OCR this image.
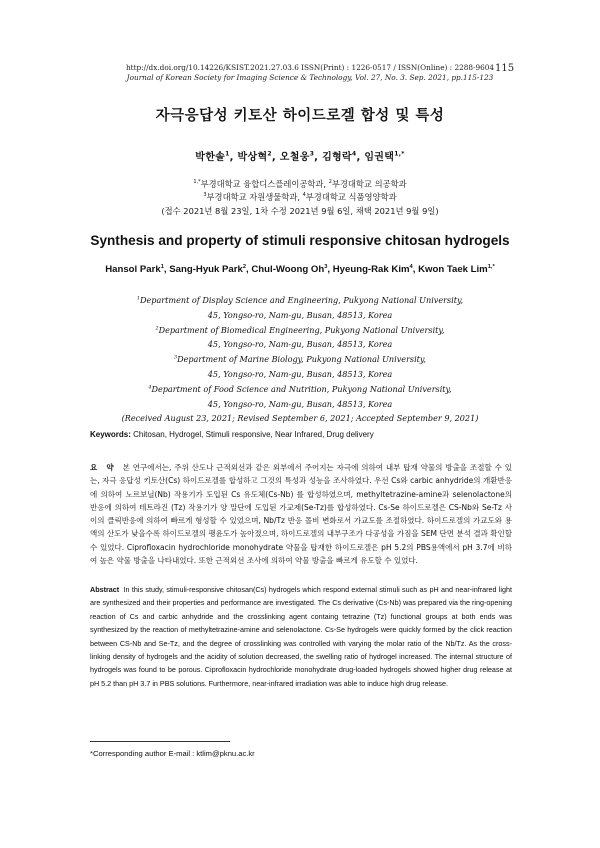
http://dx.doi.org/10.14226/KSIST.2021.27.03.6 ISSN(Print) : 1226-0517 / ISSN(Online) : 2288-9604
Journal of Korean Society for Imaging Science & Technology, Vol. 27, No. 3. Sep. 2021, pp.115-123
115
자극응답성 키토산 하이드로겔 합성 및 특성
박한솔$^1$, 박상혁$^2$, 오철웅$^3$, 김형락$^4$, 임권택$^{1,*}$
$^{1,*}$부경대학교 융합디스플레이공학과, $^2$부경대학교 의공학과
$^3$부경대학교 자원생물학과, $^4$부경대학교 식품영양학과
(접수 2021년 8월 23일, 1차 수정 2021년 9월 6일, 채택 2021년 9월 9일)
Synthesis and property of stimuli responsive chitosan hydrogels
Hansol Park$^1$, Sang-Hyuk Park$^2$, Chul-Woong Oh$^3$, Hyeung-Rak Kim$^4$, Kwon Taek Lim$^{1,*}$
$^1$Department of Display Science and Engineering, Pukyong National University,
45, Yongso-ro, Nam-gu, Busan, 48513, Korea
$^2$Department of Biomedical Engineering, Pukyong National University,
45, Yongso-ro, Nam-gu, Busan, 48513, Korea
$^3$Department of Marine Biology, Pukyong National University,
45, Yongso-ro, Nam-gu, Busan, 48513, Korea
$^4$Department of Food Science and Nutrition, Pukyong National University,
45, Yongso-ro, Nam-gu, Busan, 48513, Korea
(Received August 23, 2021; Revised September 6, 2021; Accepted September 9, 2021)
Keywords: Chitosan, Hydrogel, Stimuli responsive, Near Infrared, Drug delivery
요 약 본 연구에서는, 주위 산도나 근적외선과 같은 외부에서 주어지는 자극에 의하여 내부 탑재 약물의 방출을 조절할 수 있는, 자극 응답성 키토산(Cs) 하이드로겔를 합성하고 그것의 특성과 성능을 조사하였다. 우선 Cs와 carbic anhydride의 개환반응에 의하여 노르보닐(Nb) 작용기가 도입된 Cs 유도체(Cs-Nb) 를 합성하였으며, methyltetrazine-amine과 selenolactone의 반응에 의하여 테트라진 (Tz) 작용기가 양 말단에 도입된 가교제(Se-Tz)를 합성하였다. Cs-Se 하이드로겔은 CS-Nb와 Se-Tz 사이의 클릭반응에 의하여 빠르게 형성할 수 있었으며, Nb/Tz 반응 몰비 변화로서 가교도를 조절하였다. 하이드로겔의 가교도와 용액의 산도가 낮을수록 하이드로겔의 팽윤도가 높아졌으며, 하이드로겔의 내부구조가 다공성을 가짐을 SEM 단면 분석 결과 확인할 수 있었다. Ciprofloxacin hydrochloride monohydrate 약물을 탑재한 하이드로겔은 pH 5.2의 PBS용액에서 pH 3.7에 비하여 높은 약물 방출을 나타내었다. 또한 근적외선 조사에 의하여 약물 방출을 빠르게 유도할 수 있었다.
Abstract In this study, stimuli-responsive chitosan(Cs) hydrogels which respond external stimuli such as pH and near-infrared light are synthesized and their properties and performance are investigated. The Cs derivative (Cs-Nb) was prepared via the ring-opening reaction of Cs and carbic anhydride and the crosslinking agent containg tetrazine (Tz) functional groups at both ends was synthesized by the reaction of methyltetrazine-amine and selenolactone. Cs-Se hydrogels were quickly formed by the click reaction between CS-Nb and Se-Tz, and the degree of crosslinking was controlled with varying the molar ratio of the Nb/Tz. As the cross-linking density of hydrogels and the acidity of solution decreased, the swelling ratio of hydrogel increased. The internal structure of hydrogels was found to be porous. Ciprofloxacin hydrochloride monohydrate drug-loaded hydrogels showed higher drug release at pH 5.2 than pH 3.7 in PBS solutions. Furthermore, near-infrared irradiation was able to induce high drug release.
*Corresponding author E-mail : ktlim@pknu.ac.kr
